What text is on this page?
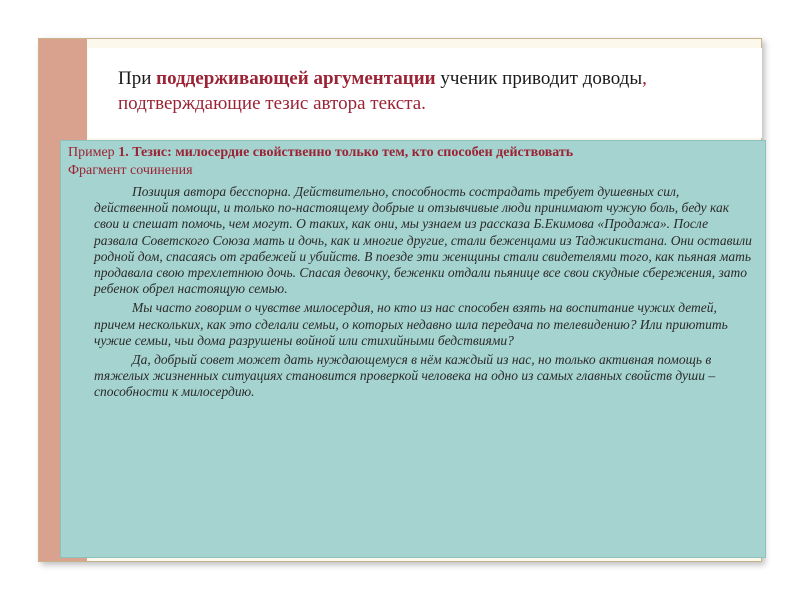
При поддерживающей аргументации ученик приводит доводы, подтверждающие тезис автора текста.
Пример 1. Тезис: милосердие свойственно только тем, кто способен действовать
Фрагмент сочинения

Позиция автора бесспорна. Действительно, способность сострадать требует душевных сил, действенной помощи, и только по-настоящему добрые и отзывчивые люди принимают чужую боль, беду как свои и спешат помочь, чем могут. О таких, как они, мы узнаем из рассказа Б.Екимова «Продажа». После развала Советского Союза мать и дочь, как и многие другие, стали беженцами из Таджикистана. Они оставили родной дом, спасаясь от грабежей и убийств. В поезде эти женщины стали свидетелями того, как пьяная мать продавала свою трехлетнюю дочь. Спасая девочку, беженки отдали пьянице все свои скудные сбережения, зато ребенок обрел настоящую семью.

Мы часто говорим о чувстве милосердия, но кто из нас способен взять на воспитание чужих детей, причем нескольких, как это сделали семьи, о которых недавно шла передача по телевидению? Или приютить чужие семьи, чьи дома разрушены войной или стихийными бедствиями?

Да, добрый совет может дать нуждающемуся в нём каждый из нас, но только активная помощь в тяжелых жизненных ситуациях становится проверкой человека на одно из самых главных свойств души – способности к милосердию.
